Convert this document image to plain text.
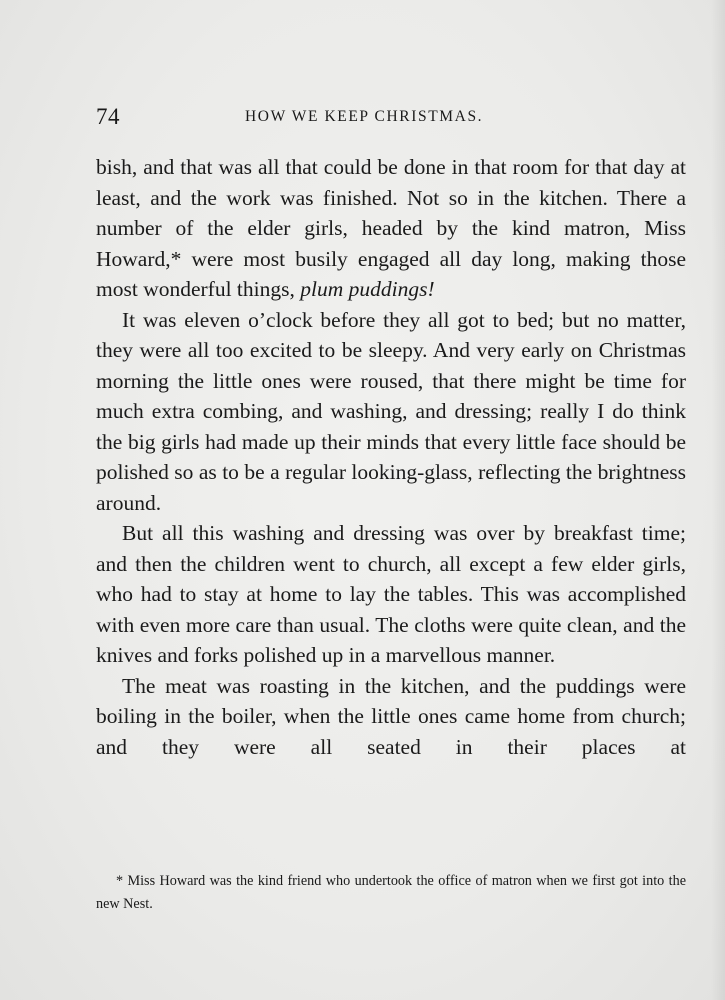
74	HOW WE KEEP CHRISTMAS.

bish, and that was all that could be done in that room for that day at least, and the work was finished. Not so in the kitchen. There a number of the elder girls, headed by the kind matron, Miss Howard,* were most busily engaged all day long, making those most wonderful things, plum puddings!

It was eleven o’clock before they all got to bed; but no matter, they were all too excited to be sleepy. And very early on Christmas morning the little ones were roused, that there might be time for much extra combing, and washing, and dressing; really I do think the big girls had made up their minds that every little face should be polished so as to be a regular looking-glass, reflecting the brightness around.

But all this washing and dressing was over by breakfast time; and then the children went to church, all except a few elder girls, who had to stay at home to lay the tables. This was accomplished with even more care than usual. The cloths were quite clean, and the knives and forks polished up in a marvellous manner.

The meat was roasting in the kitchen, and the puddings were boiling in the boiler, when the little ones came home from church; and they were all seated in their places at

* Miss Howard was the kind friend who undertook the office of matron when we first got into the new Nest.
